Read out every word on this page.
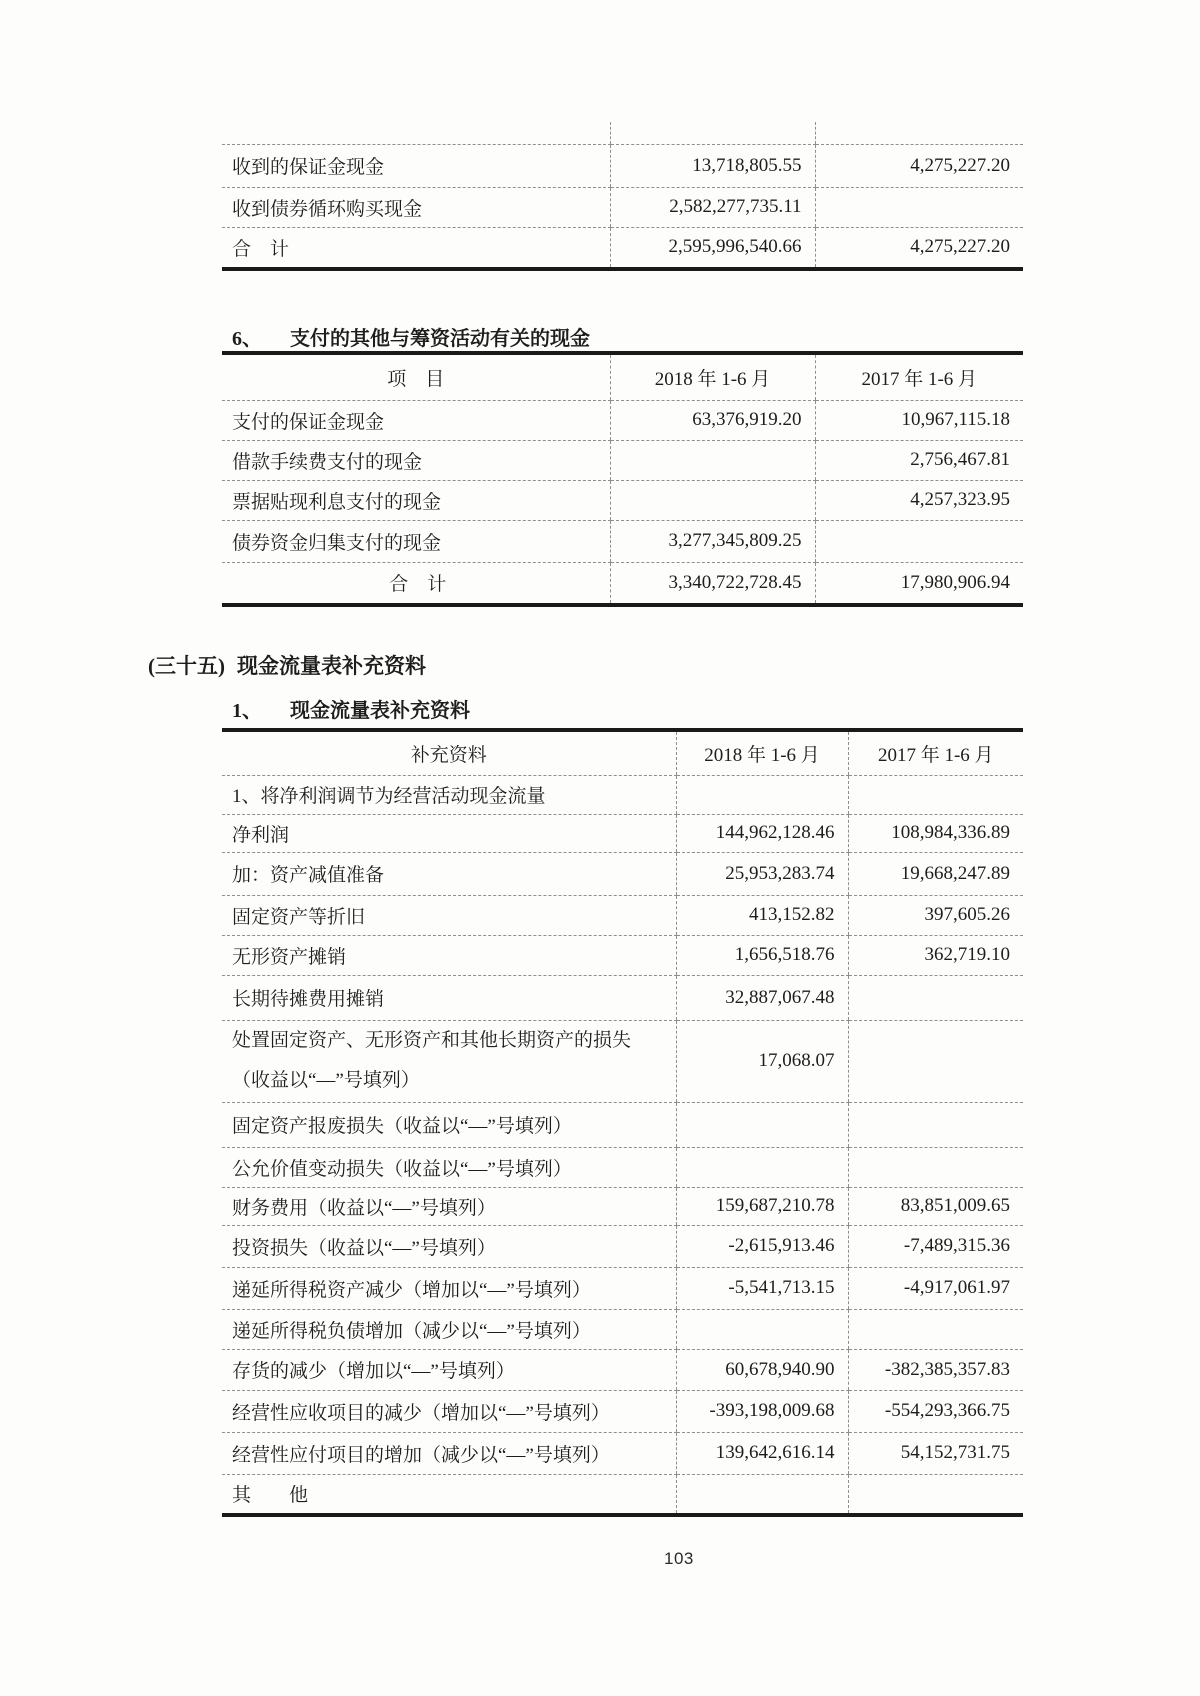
收到的保证金现金	13,718,805.55	4,275,227.20
收到债券循环购买现金	2,582,277,735.11	
合　计	2,595,996,540.66	4,275,227.20
6、 支付的其他与筹资活动有关的现金
项　目	2018 年 1-6 月	2017 年 1-6 月
支付的保证金现金	63,376,919.20	10,967,115.18
借款手续费支付的现金		2,756,467.81
票据贴现利息支付的现金		4,257,323.95
债券资金归集支付的现金	3,277,345,809.25	
合　计	3,340,722,728.45	17,980,906.94
(三十五) 现金流量表补充资料
1、 现金流量表补充资料
补充资料	2018 年 1-6 月	2017 年 1-6 月
1、将净利润调节为经营活动现金流量		
净利润	144,962,128.46	108,984,336.89
加：资产减值准备	25,953,283.74	19,668,247.89
固定资产等折旧	413,152.82	397,605.26
无形资产摊销	1,656,518.76	362,719.10
长期待摊费用摊销	32,887,067.48	

处置固定资产、无形资产和其他长期资产的损失
（收益以“—”号填列）	17,068.07	
固定资产报废损失（收益以“—”号填列）		
公允价值变动损失（收益以“—”号填列）		
财务费用（收益以“—”号填列）	159,687,210.78	83,851,009.65
投资损失（收益以“—”号填列）	-2,615,913.46	-7,489,315.36
递延所得税资产减少（增加以“—”号填列）	-5,541,713.15	-4,917,061.97
递延所得税负债增加（减少以“—”号填列）		
存货的减少（增加以“—”号填列）	60,678,940.90	-382,385,357.83
经营性应收项目的减少（增加以“—”号填列）	-393,198,009.68	-554,293,366.75
经营性应付项目的增加（减少以“—”号填列）	139,642,616.14	54,152,731.75
其　　他		
103
